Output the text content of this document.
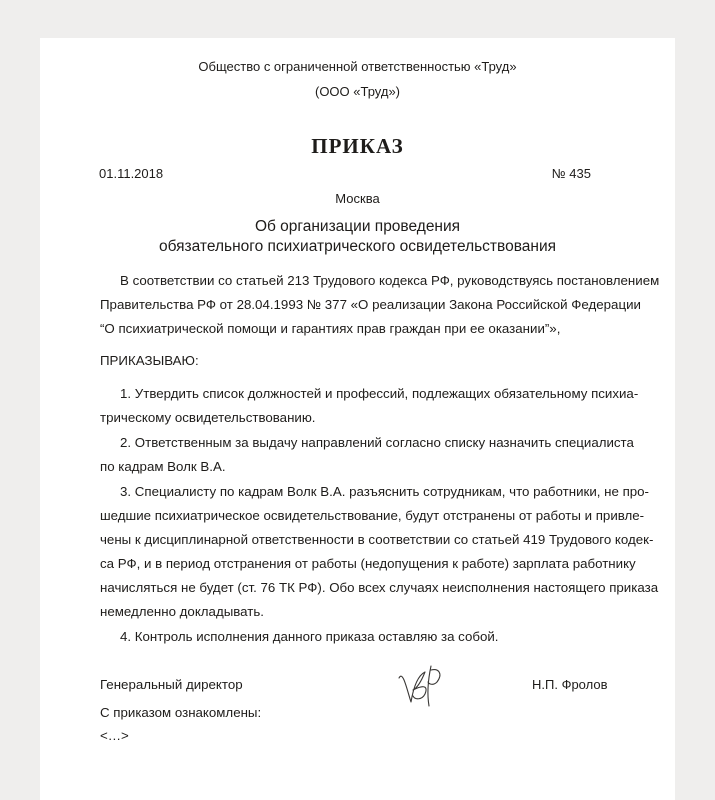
Общество с ограниченной ответственностью «Труд»
(ООО «Труд»)
ПРИКАЗ
01.11.2018	№ 435
Москва
Об организации проведения
обязательного психиатрического освидетельствования
В соответствии со статьей 213 Трудового кодекса РФ, руководствуясь постановлением
Правительства РФ от 28.04.1993 № 377 «О реализации Закона Российской Федерации
“О психиатрической помощи и гарантиях прав граждан при ее оказании”»,
ПРИКАЗЫВАЮ:
1. Утвердить список должностей и профессий, подлежащих обязательному психиа-
трическому освидетельствованию.
2. Ответственным за выдачу направлений согласно списку назначить специалиста
по кадрам Волк В.А.
3. Специалисту по кадрам Волк В.А. разъяснить сотрудникам, что работники, не про-
шедшие психиатрическое освидетельствование, будут отстранены от работы и привле-
чены к дисциплинарной ответственности в соответствии со статьей 419 Трудового кодек-
са РФ, и в период отстранения от работы (недопущения к работе) зарплата работнику
начисляться не будет (ст. 76 ТК РФ). Обо всех случаях неисполнения настоящего приказа
немедленно докладывать.
4. Контроль исполнения данного приказа оставляю за собой.
Генеральный директор	Н.П. Фролов
С приказом ознакомлены:
<…>
